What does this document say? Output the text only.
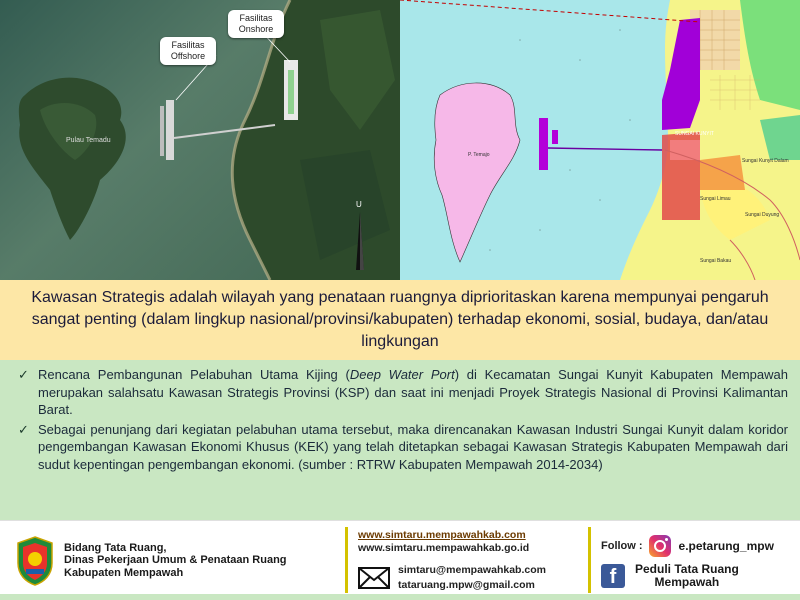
Fasilitas Offshore
Fasilitas Onshore
Pulau Temadu
U
P. Temajo
SUNGAI KUNYIT
Sungai Kunyit Dalam
Sungai Limau
Sungai Duyung
Sungai Bakau

Kawasan Strategis adalah wilayah yang penataan ruangnya diprioritaskan karena mempunyai pengaruh sangat penting (dalam lingkup nasional/provinsi/kabupaten) terhadap ekonomi, sosial, budaya, dan/atau lingkungan

✓ Rencana Pembangunan Pelabuhan Utama Kijing (Deep Water Port) di Kecamatan Sungai Kunyit Kabupaten Mempawah merupakan salahsatu Kawasan Strategis Provinsi (KSP) dan saat ini menjadi Proyek Strategis Nasional di Provinsi Kalimantan Barat.

✓ Sebagai penunjang dari kegiatan pelabuhan utama tersebut, maka direncanakan Kawasan Industri Sungai Kunyit dalam koridor pengembangan Kawasan Ekonomi Khusus (KEK) yang telah ditetapkan sebagai Kawasan Strategis Kabupaten Mempawah dari sudut kepentingan pengembangan ekonomi. (sumber : RTRW Kabupaten Mempawah 2014-2034)

Bidang Tata Ruang,
Dinas Pekerjaan Umum & Penataan Ruang
Kabupaten Mempawah
www.simtaru.mempawahkab.com
www.simtaru.mempawahkab.go.id
simtaru@mempawahkab.com
tataruang.mpw@gmail.com
Follow :	e.petarung_mpw
f	Peduli Tata Ruang
Mempawah
